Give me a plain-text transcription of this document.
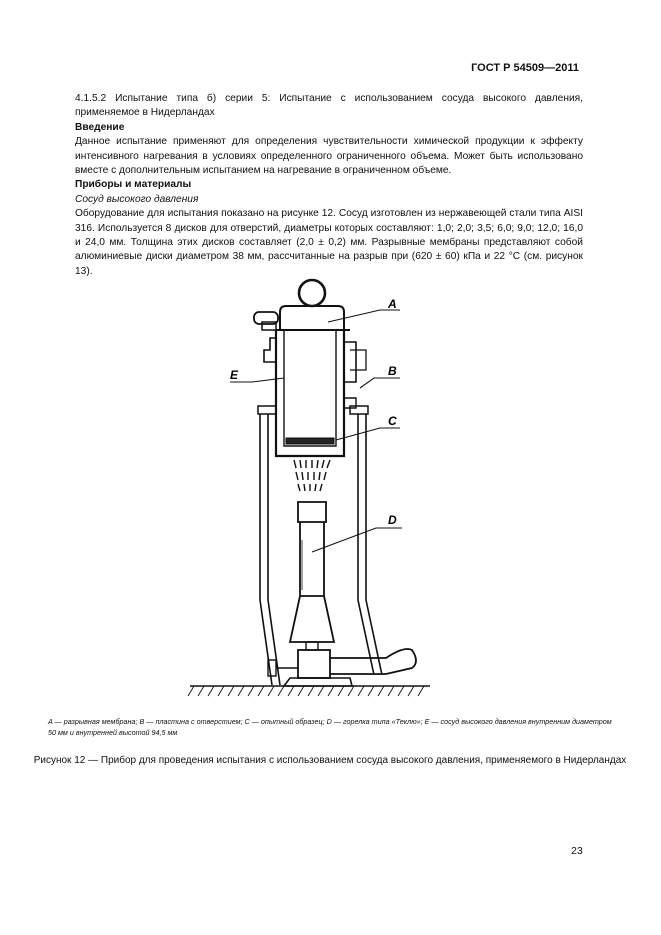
ГОСТ Р 54509—2011

4.1.5.2 Испытание типа б) серии 5: Испытание с использованием сосуда высокого давления, применяемое в Нидерландах

Введение

Данное испытание применяют для определения чувствительности химической продукции к эффекту интенсивного нагревания в условиях определенного ограниченного объема. Может быть использовано вместе с дополнительным испытанием на нагревание в ограниченном объеме.

Приборы и материалы

Сосуд высокого давления

Оборудование для испытания показано на рисунке 12. Сосуд изготовлен из нержавеющей стали типа AISI 316. Используется 8 дисков для отверстий, диаметры которых составляют: 1,0; 2,0; 3,5; 6,0; 9,0; 12,0; 16,0 и 24,0 мм. Толщина этих дисков составляет (2,0 ± 0,2) мм. Разрывные мембраны представляют собой алюминиевые диски диаметром 38 мм, рассчитанные на разрыв при (620 ± 60) кПа и 22 °С (см. рисунок 13).

A
B
C
D
E
A — разрывная мембрана; B — пластина с отверстием; C — опытный образец; D — горелка типа «Теклю»; E — сосуд высокого давления внутренним диаметром 50 мм и внутренней высотой 94,5 мм
Рисунок 12 — Прибор для проведения испытания с использованием сосуда высокого давления, применяемого в Нидерландах
23
